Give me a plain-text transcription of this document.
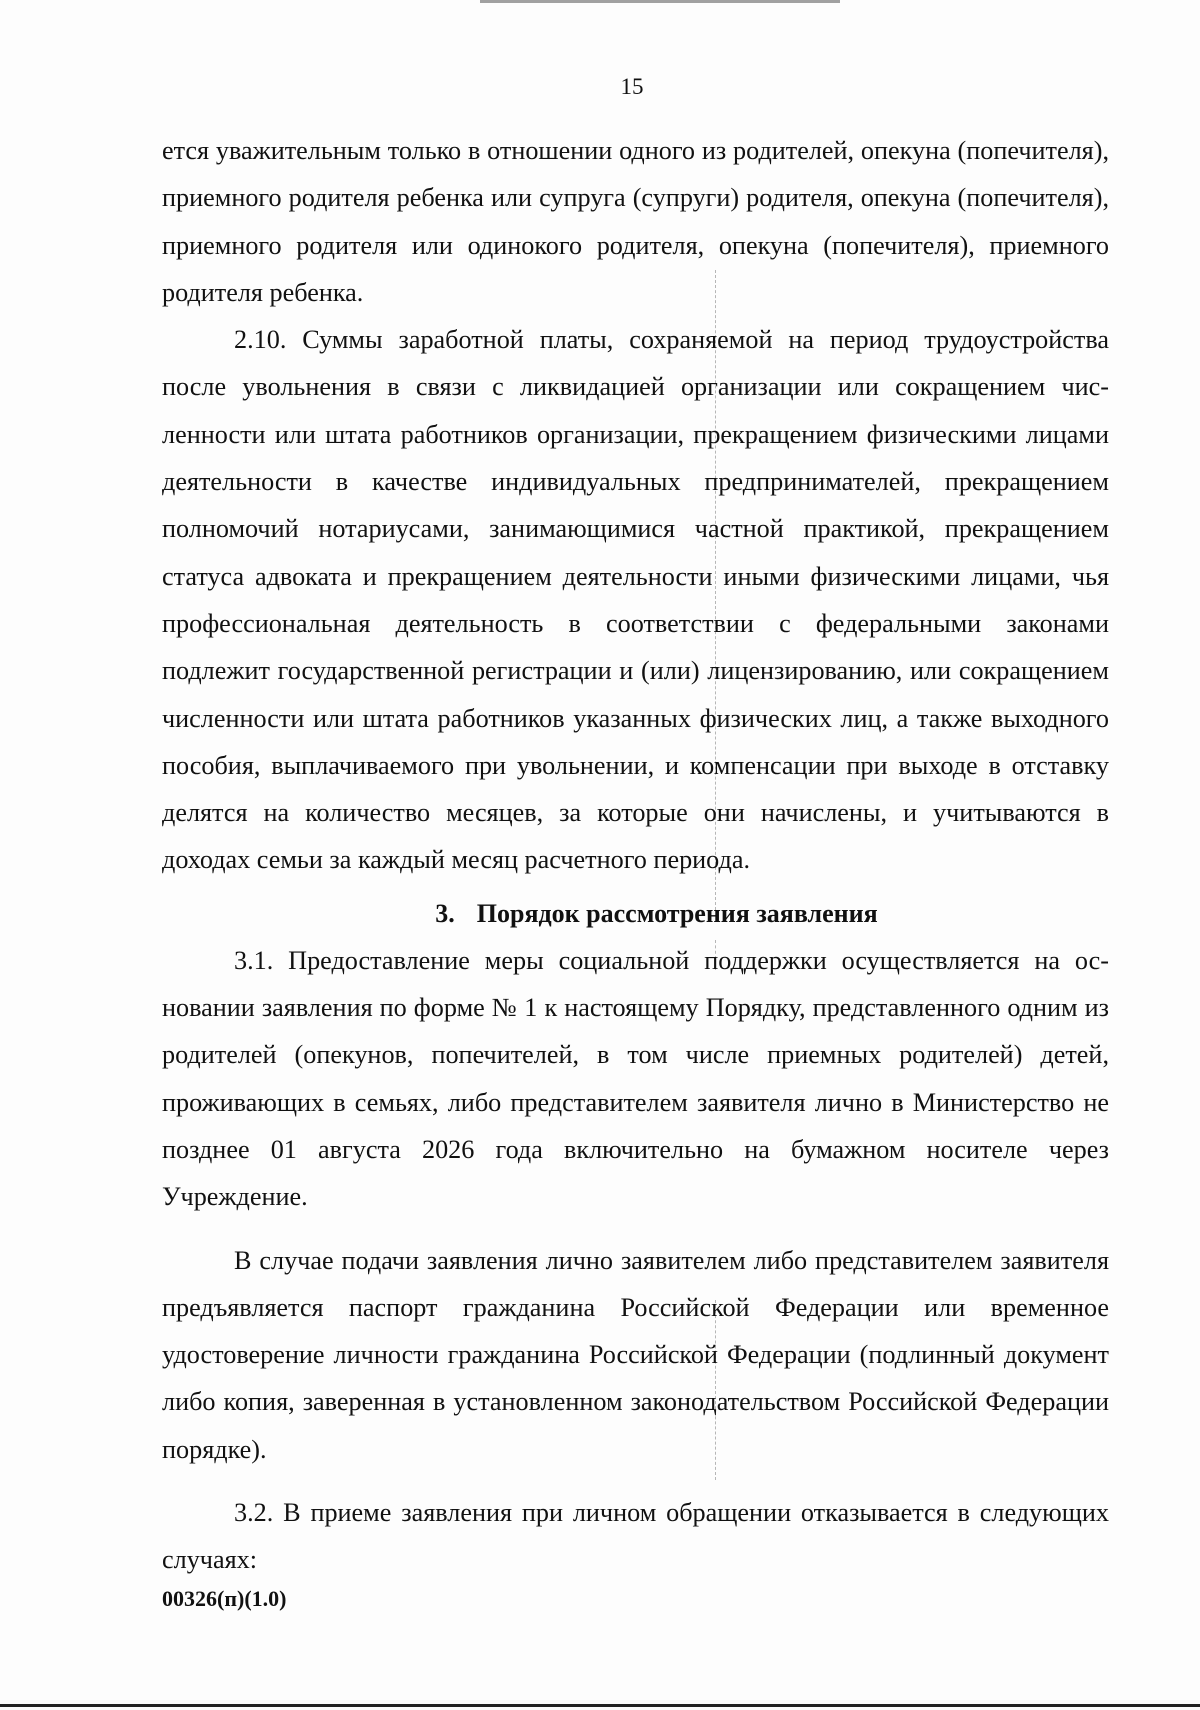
15

ется уважительным только в отношении одного из родителей, опекуна (попечителя), приемного родителя ребенка или супруга (супруги) родителя, опекуна (попечителя), приемного родителя или одинокого родителя, опекуна (попечителя), приемного родителя ребенка.

2.10. Суммы заработной платы, сохраняемой на период трудоустройства после увольнения в связи с ликвидацией организации или сокращением численности или штата работников организации, прекращением физическими лицами деятельности в качестве индивидуальных предпринимателей, прекращением полномочий нотариусами, занимающимися частной практикой, прекращением статуса адвоката и прекращением деятельности иными физическими лицами, чья профессиональная деятельность в соответствии с федеральными законами подлежит государственной регистрации и (или) лицензированию, или сокращением численности или штата работников указанных физических лиц, а также выходного пособия, выплачиваемого при увольнении, и компенсации при выходе в отставку делятся на количество месяцев, за которые они начислены, и учитываются в доходах семьи за каждый месяц расчетного периода.

3. Порядок рассмотрения заявления

3.1. Предоставление меры социальной поддержки осуществляется на основании заявления по форме № 1 к настоящему Порядку, представленного одним из родителей (опекунов, попечителей, в том числе приемных родителей) детей, проживающих в семьях, либо представителем заявителя лично в Министерство не позднее 01 августа 2026 года включительно на бумажном носителе через Учреждение.

В случае подачи заявления лично заявителем либо представителем заявителя предъявляется паспорт гражданина Российской Федерации или временное удостоверение личности гражданина Российской Федерации (подлинный документ либо копия, заверенная в установленном законодательством Российской Федерации порядке).

3.2. В приеме заявления при личном обращении отказывается в следующих случаях:

00326(п)(1.0)
